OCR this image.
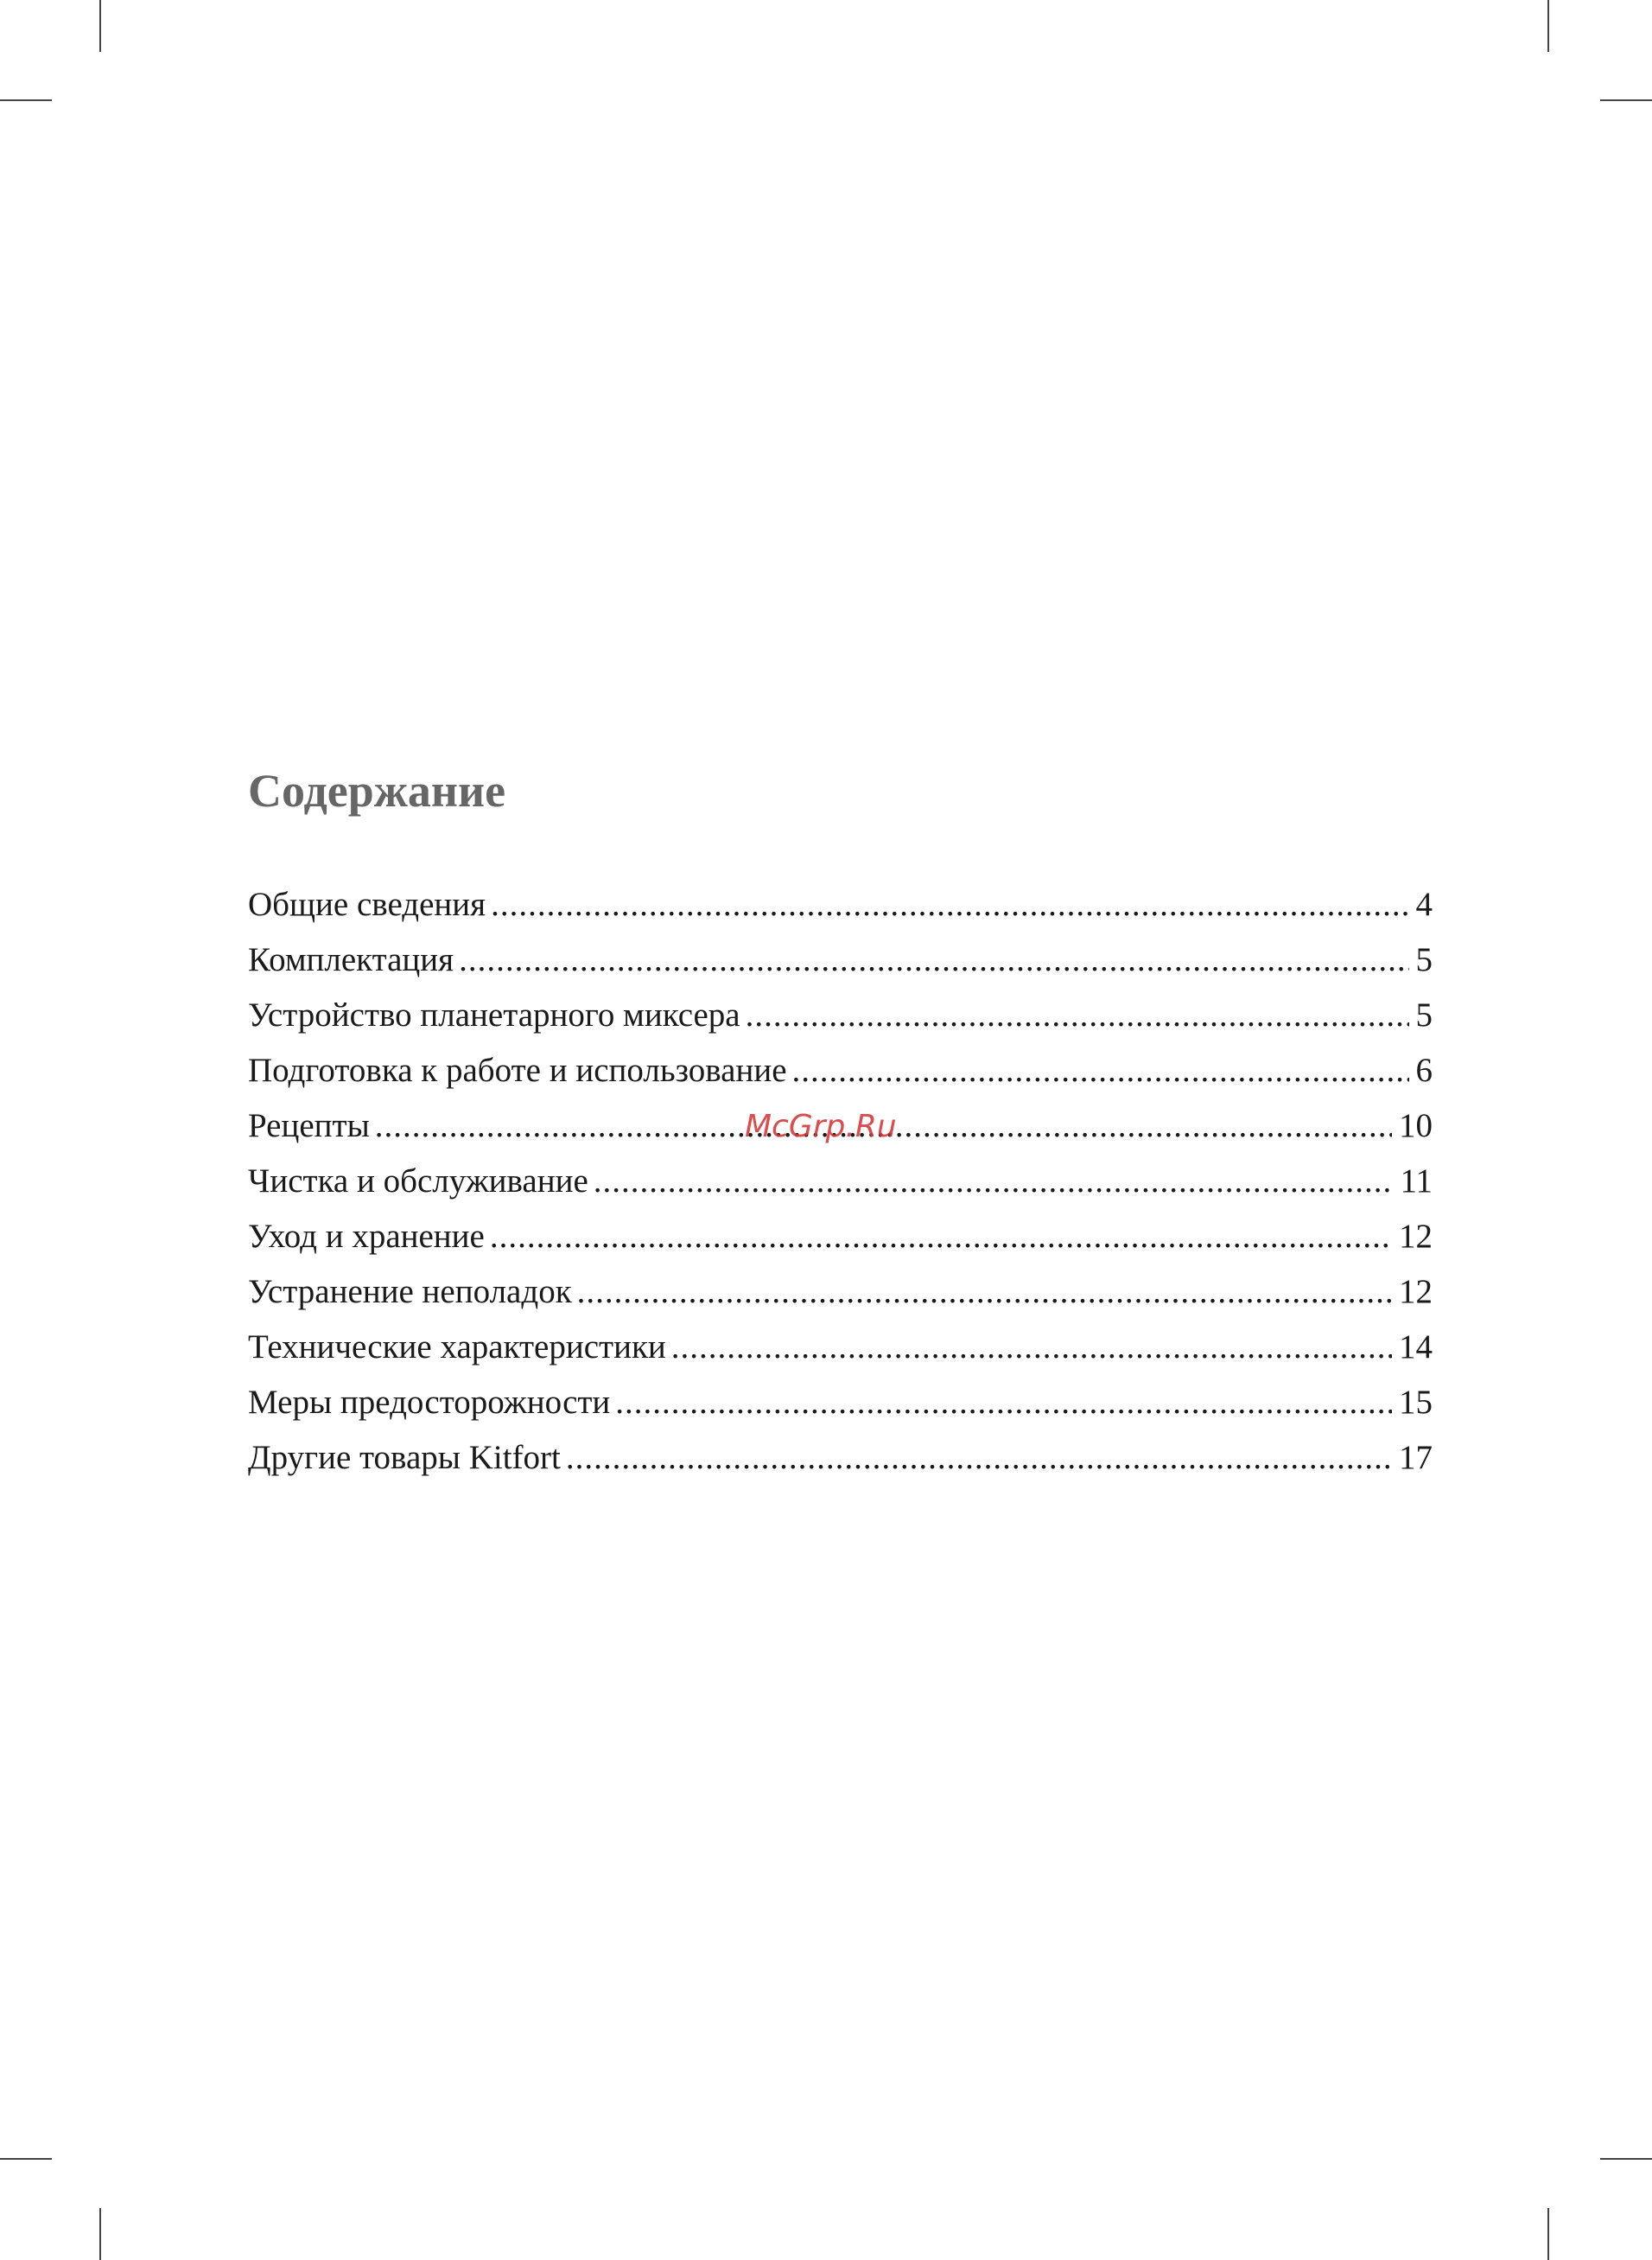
Содержание
Общие сведения .....	4
Комплектация .....	5
Устройство планетарного миксера .....	5
Подготовка к работе и использование .....	6
Рецепты .....	10
Чистка и обслуживание .....	11
Уход и хранение .....	12
Устранение неполадок .....	12
Технические характеристики .....	14
Меры предосторожности .....	15
Другие товары Kitfort .....	17
McGrp.Ru
